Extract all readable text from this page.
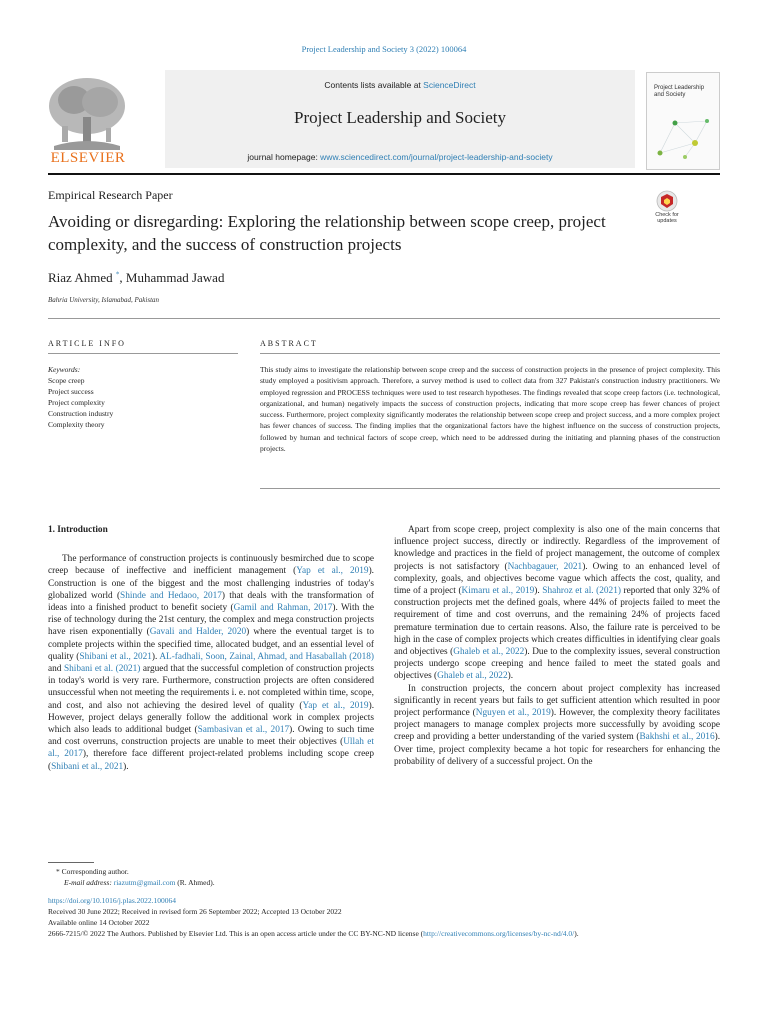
Project Leadership and Society 3 (2022) 100064
Contents lists available at ScienceDirect
Project Leadership and Society
journal homepage: www.sciencedirect.com/journal/project-leadership-and-society
ELSEVIER
Project Leadership and Society
Empirical Research Paper
Avoiding or disregarding: Exploring the relationship between scope creep, project complexity, and the success of construction projects
Check for updates
Riaz Ahmed *, Muhammad Jawad
Bahria University, Islamabad, Pakistan
ARTICLE INFO
Keywords:
Scope creep
Project success
Project complexity
Construction industry
Complexity theory
ABSTRACT
This study aims to investigate the relationship between scope creep and the success of construction projects in the presence of project complexity. This study employed a positivism approach. Therefore, a survey method is used to collect data from 327 Pakistan's construction industry practitioners. We employed regression and PROCESS techniques were used to test research hypotheses. The findings revealed that scope creep factors (i.e. technological, organizational, and human) negatively impacts the success of construction projects, indicating that more scope creep has fewer chances of project success. Furthermore, project complexity significantly moderates the relationship between scope creep and project success, and a more complex project has fewer chances of success. The finding implies that the organizational factors have the highest influence on the success of construction projects, followed by human and technical factors of scope creep, which need to be addressed during the initiating and planning phases of the construction projects.
1. Introduction

The performance of construction projects is continuously besmirched due to scope creep because of ineffective and inefficient management (Yap et al., 2019). Construction is one of the biggest and the most challenging industries of today's globalized world (Shinde and Hedaoo, 2017) that deals with the transformation of ideas into a finished product to benefit society (Gamil and Rahman, 2017). With the rise of technology during the 21st century, the complex and mega construction projects have risen exponentially (Gavali and Halder, 2020) where the eventual target is to complete projects within the specified time, allocated budget, and an essential level of quality (Shibani et al., 2021). AL-fadhali, Soon, Zainal, Ahmad, and Hasaballah (2018) and Shibani et al. (2021) argued that the successful completion of construction projects in today's world is very rare. Furthermore, construction projects are often considered unsuccessful when not meeting the requirements i. e. not completed within time, scope, and cost, and also not achieving the desired level of quality (Yap et al., 2019). However, project delays generally follow the additional work in complex projects which also leads to additional budget (Sambasivan et al., 2017). Owing to such time and cost overruns, construction projects are unable to meet their objectives (Ullah et al., 2017), therefore face different project-related problems including scope creep (Shibani et al., 2021).

Apart from scope creep, project complexity is also one of the main concerns that influence project success, directly or indirectly. Regardless of the improvement of knowledge and practices in the field of project management, the outcome of complex projects is not satisfactory (Nachbagauer, 2021). Owing to an enhanced level of complexity, goals, and objectives become vague which affects the cost, quality, and time of a project (Kimaru et al., 2019). Shahroz et al. (2021) reported that only 32% of construction projects met the defined goals, where 44% of projects failed to meet the requirement of time and cost overruns, and the remaining 24% of projects faced premature termination due to certain reasons. Also, the failure rate is perceived to be high in the case of complex projects which creates difficulties in identifying clear goals and objectives (Ghaleb et al., 2022). Due to the complexity issues, several construction projects undergo scope creeping and hence failed to meet the stated goals and objectives (Ghaleb et al., 2022).

In construction projects, the concern about project complexity has increased significantly in recent years but fails to get sufficient attention which resulted in poor project performance (Nguyen et al., 2019). However, the complexity theory facilitates project managers to manage complex projects more successfully by avoiding scope creep and providing a better understanding of the varied system (Bakhshi et al., 2016). Over time, project complexity became a hot topic for researchers for enhancing the probability of delivery of a successful project. On the

* Corresponding author.
E-mail address: riazutm@gmail.com (R. Ahmed).
https://doi.org/10.1016/j.plas.2022.100064
Received 30 June 2022; Received in revised form 26 September 2022; Accepted 13 October 2022
Available online 14 October 2022
2666-7215/© 2022 The Authors. Published by Elsevier Ltd. This is an open access article under the CC BY-NC-ND license (http://creativecommons.org/licenses/by-nc-nd/4.0/).
